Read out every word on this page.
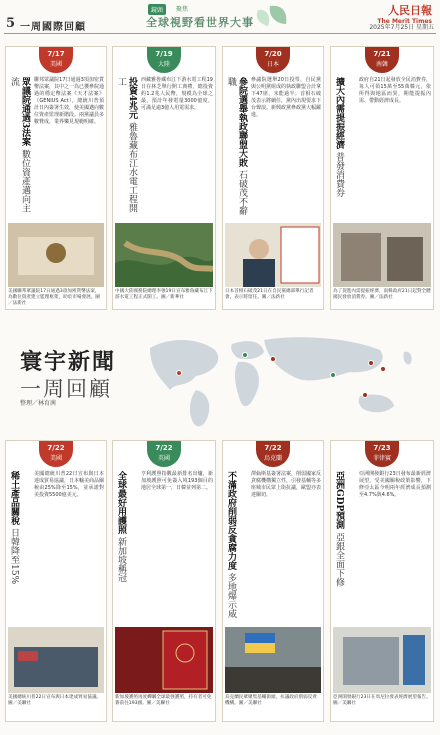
5 一周國際回顧
鏡頭	聚焦
全球視野看世界大事
人民日報
The Merit Times
2025年7月25日 星期五
寰宇新聞
一周回顧
整理／林育茜
7/17
美國
眾議院通過3法案 數位資產邁向主流	聯邦眾議院17日通過3項加密貨幣法案，其中之一為已獲參院通過的穩定幣法案《天才法案》（GENIUS Act），總統川普預計日內簽署生效，使美國邁向數位資產監理新階段。兩黨議員多數贊成，業界樂見規範明確。
美國聯邦眾議院17日通過3項加密貨幣法案，為數位資產建立監理框架，助於市場發展。圖／法新社
7/19
大陸
投資4兆元 雅魯藏布江水電工程開工	西藏雅魯藏布江下游水電工程19日在林芝舉行開工典禮，總投資約1.2兆人民幣，規模為全球之最，預計年發電量3000億度，可滿足逾3億人用電需求。
中國大陸國務院總理李強19日宣布雅魯藏布江下游水電工程正式開工。圖／新華社
7/20
日本
參院選舉執政聯盟大敗 石破茂不辭職	參議院選舉20日投票，自民黨與公明黨組成的執政聯盟合計拿下47席，未能過半；首相石破茂表示將續任，黨內出現要求下台聲浪。新興政黨參政黨大幅躍進。
日本首相石破茂21日在自民黨總部舉行記者會，表示將留任。圖／法新社
7/21
南韓
擴大內需提振經濟 普發消費券
政府自21日起發放全民消費券，每人可領15萬至55萬韓元，依所得與地區而異，期能提振內需、帶動經濟成長。
為了促進內需提振經濟，南韓政府21日起對全體國民發放消費券。圖／法新社
7/22
美國
稀土產品關稅 日韓降至15%
美國總統川普22日宣布與日本達成貿易協議，日本輸美商品關稅由25%降至15%，並承諾對美投資5500億美元。
美國總統川普22日宣布與日本達成貿易協議。圖／美聯社
7/22
英國
全球最好用護照 新加坡稱冠
亨利護照指數最新排名出爐，新加坡護照可免簽入境193個目的地居全球第一，日韓並列第二。
新加坡護照再度蟬聯全球最強護照，持有者可免簽前往193國。圖／美聯社
7/22
烏克蘭
不滿政府削弱反貪腐力度 多地爆示威
澤倫斯基簽署法案，削弱國家反貪腐機構獨立性，引發基輔等多座城市民眾上街抗議，歐盟亦表達關切。
烏克蘭民眾聚集基輔街頭，抗議政府削弱反貪機構。圖／美聯社
7/23
菲律賓
亞洲GDP預測 亞銀全面下修
亞洲開發銀行23日發布最新經濟展望，受美國關稅政策影響，下修亞太區今明兩年經濟成長預測至4.7%與4.6%。
亞洲開發銀行23日在馬尼拉發表經濟展望報告。圖／美聯社
